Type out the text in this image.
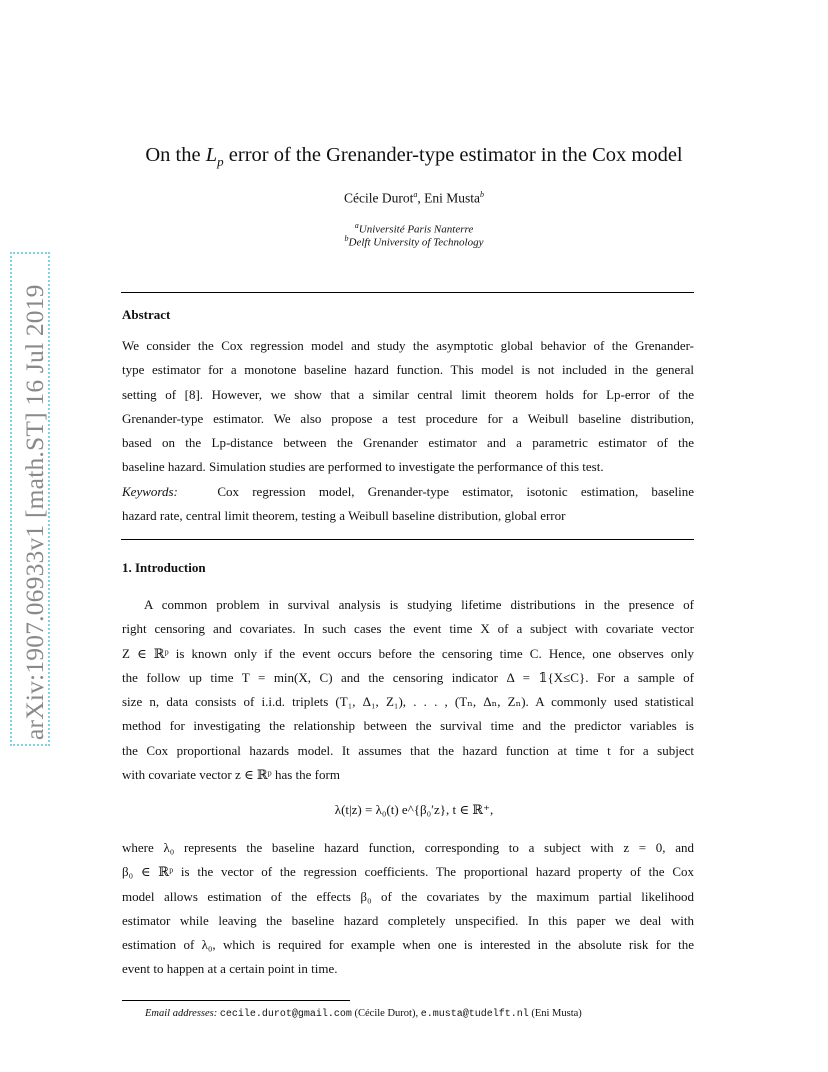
arXiv:1907.06933v1 [math.ST] 16 Jul 2019
On the $L_p$ error of the Grenander-type estimator in the Cox model
Cécile Durot$^a$, Eni Musta$^b$
$^a$Université Paris Nanterre
$^b$Delft University of Technology
Abstract
We consider the Cox regression model and study the asymptotic global behavior of the Grenander-
type estimator for a monotone baseline hazard function. This model is not included in the general
setting of [8]. However, we show that a similar central limit theorem holds for Lp-error of the
Grenander-type estimator. We also propose a test procedure for a Weibull baseline distribution,
based on the Lp-distance between the Grenander estimator and a parametric estimator of the
baseline hazard. Simulation studies are performed to investigate the performance of this test.
Keywords:	Cox regression model, Grenander-type estimator, isotonic estimation, baseline
hazard rate, central limit theorem, testing a Weibull baseline distribution, global error
1. Introduction
A common problem in survival analysis is studying lifetime distributions in the presence of
right censoring and covariates. In such cases the event time X of a subject with covariate vector
Z ∈ ℝᵖ is known only if the event occurs before the censoring time C. Hence, one observes only
the follow up time T = min(X, C) and the censoring indicator Δ = 𝟙{X≤C}. For a sample of
size n, data consists of i.i.d. triplets (T₁, Δ₁, Z₁), . . . , (Tₙ, Δₙ, Zₙ). A commonly used statistical
method for investigating the relationship between the survival time and the predictor variables is
the Cox proportional hazards model. It assumes that the hazard function at time t for a subject
with covariate vector z ∈ ℝᵖ has the form
λ(t|z) = λ₀(t) e^{β₀′z}, t ∈ ℝ⁺,
where λ₀ represents the baseline hazard function, corresponding to a subject with z = 0, and
β₀ ∈ ℝᵖ is the vector of the regression coefficients. The proportional hazard property of the Cox
model allows estimation of the effects β₀ of the covariates by the maximum partial likelihood
estimator while leaving the baseline hazard completely unspecified. In this paper we deal with
estimation of λ₀, which is required for example when one is interested in the absolute risk for the
event to happen at a certain point in time.
Email addresses: cecile.durot@gmail.com (Cécile Durot), e.musta@tudelft.nl (Eni Musta)
